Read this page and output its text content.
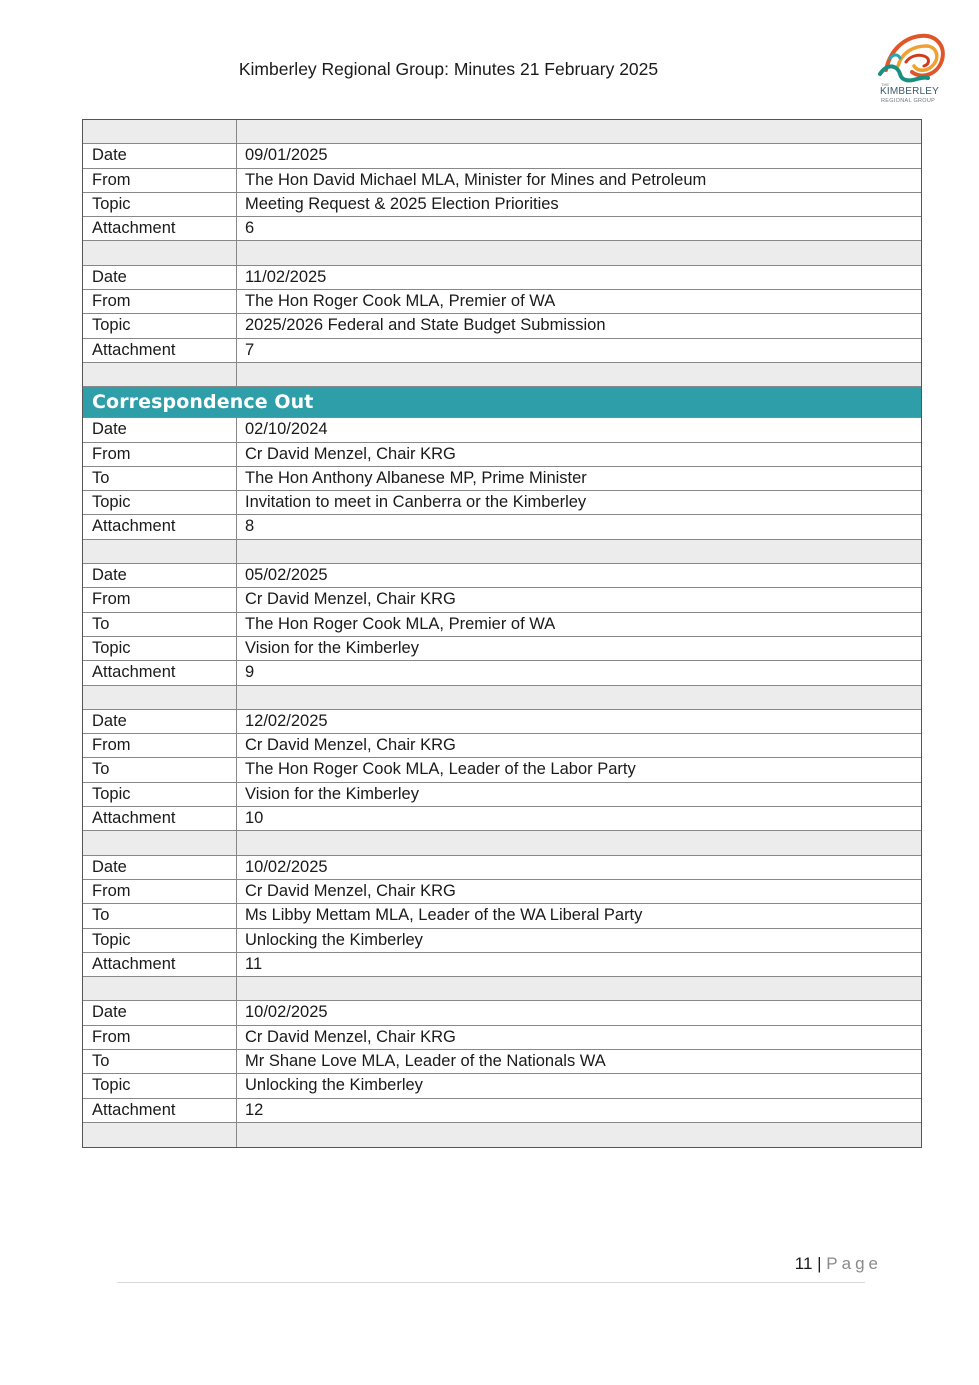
Kimberley Regional Group: Minutes 21 February 2025
THE
KIMBERLEY
REGIONAL GROUP
Date	09/01/2025
From	The Hon David Michael MLA, Minister for Mines and Petroleum
Topic	Meeting Request & 2025 Election Priorities
Attachment	6
Date	11/02/2025
From	The Hon Roger Cook MLA, Premier of WA
Topic	2025/2026 Federal and State Budget Submission
Attachment	7
Correspondence Out
Date	02/10/2024
From	Cr David Menzel, Chair KRG
To	The Hon Anthony Albanese MP, Prime Minister
Topic	Invitation to meet in Canberra or the Kimberley
Attachment	8
Date	05/02/2025
From	Cr David Menzel, Chair KRG
To	The Hon Roger Cook MLA, Premier of WA
Topic	Vision for the Kimberley
Attachment	9
Date	12/02/2025
From	Cr David Menzel, Chair KRG
To	The Hon Roger Cook MLA, Leader of the Labor Party
Topic	Vision for the Kimberley
Attachment	10
Date	10/02/2025
From	Cr David Menzel, Chair KRG
To	Ms Libby Mettam MLA, Leader of the WA Liberal Party
Topic	Unlocking the Kimberley
Attachment	11
Date	10/02/2025
From	Cr David Menzel, Chair KRG
To	Mr Shane Love MLA, Leader of the Nationals WA
Topic	Unlocking the Kimberley
Attachment	12
11 | Page
